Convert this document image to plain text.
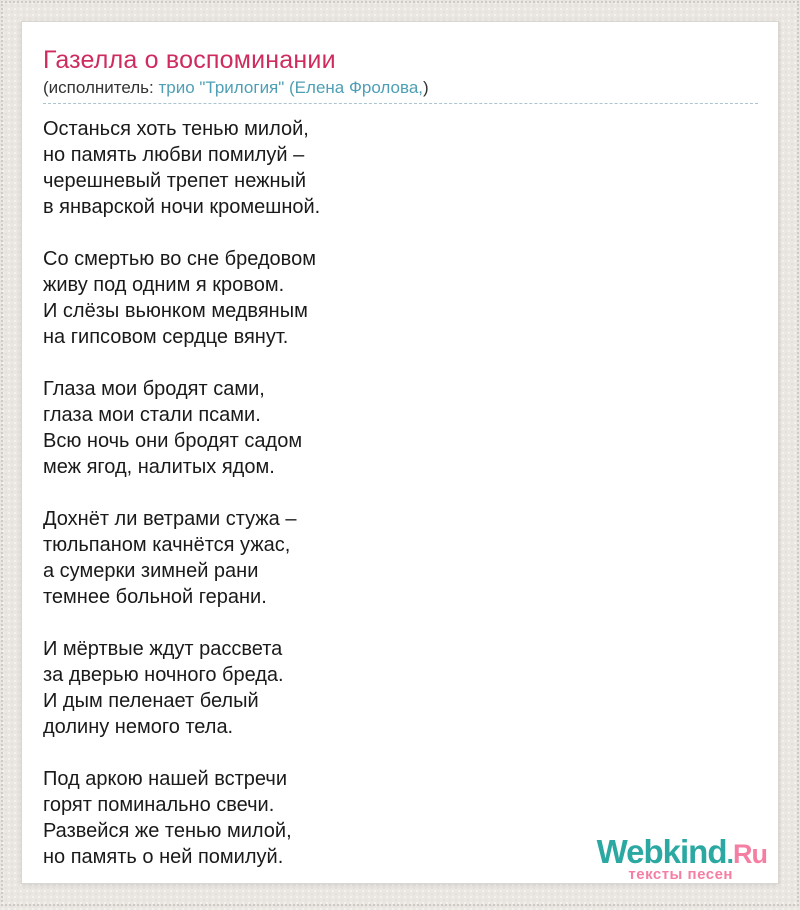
Газелла о воспоминании
(исполнитель: трио "Трилогия" (Елена Фролова,)

Останься хоть тенью милой,
но память любви помилуй –
черешневый трепет нежный
в январской ночи кромешной.

Со смертью во сне бредовом
живу под одним я кровом.
И слёзы вьюнком медвяным
на гипсовом сердце вянут.

Глаза мои бродят сами,
глаза мои стали псами.
Всю ночь они бродят садом
меж ягод, налитых ядом.

Дохнёт ли ветрами стужа –
тюльпаном качнётся ужас,
а сумерки зимней рани
темнее больной герани.

И мёртвые ждут рассвета
за дверью ночного бреда.
И дым пеленает белый
долину немого тела.

Под аркою нашей встречи
горят поминально свечи.
Развейся же тенью милой,
но память о ней помилуй.	Webkind.Ru
тексты песен
